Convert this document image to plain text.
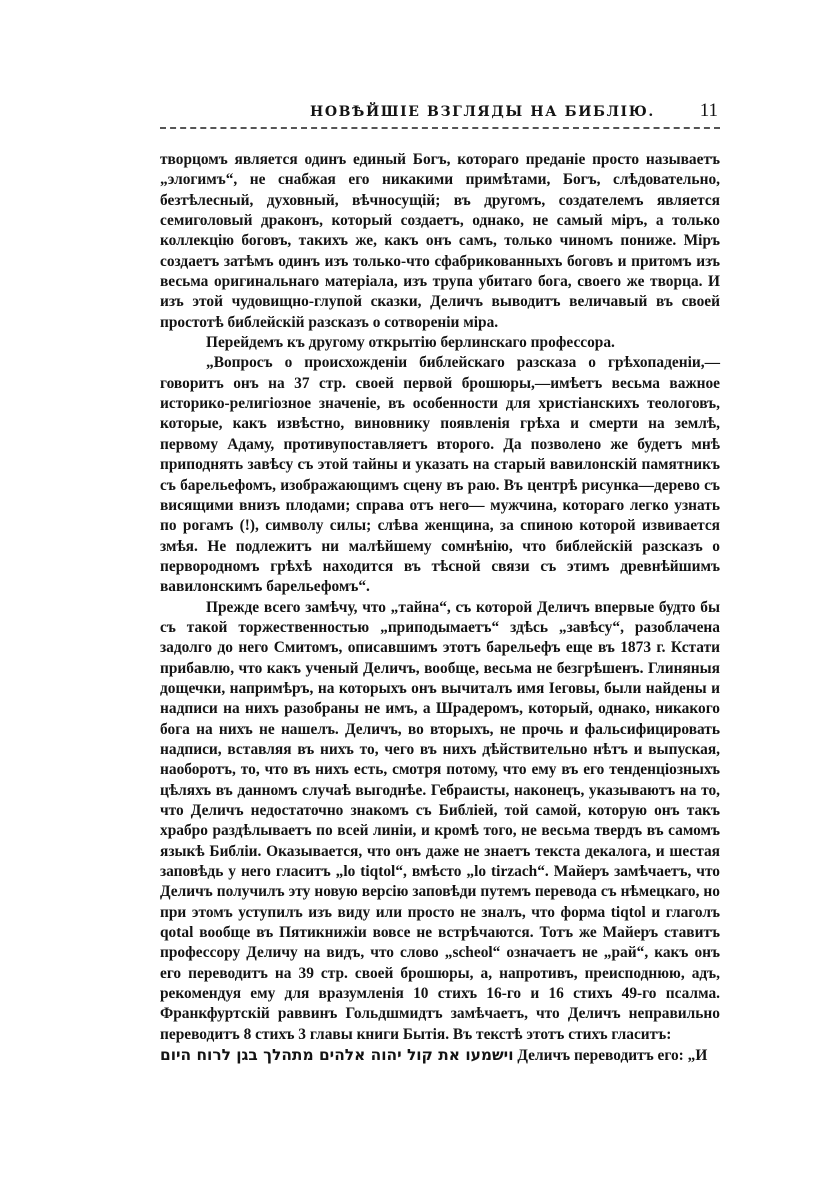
НОВѢЙШІЕ ВЗГЛЯДЫ НА БИБЛІЮ. 11

творцомъ является одинъ единый Богъ, котораго преданіе просто называетъ „элогимъ“, не снабжая его никакими примѣтами, Богъ, слѣдовательно, безтѣлесный, духовный, вѣчносущій; въ другомъ, создателемъ является семиголовый драконъ, который создаетъ, однако, не самый міръ, а только коллекцію боговъ, такихъ же, какъ онъ самъ, только чиномъ пониже. Міръ создаетъ затѣмъ одинъ изъ только-что сфабрикованныхъ боговъ и притомъ изъ весьма оригинальнаго матеріала, изъ трупа убитаго бога, своего же творца. И изъ этой чудовищно-глупой сказки, Деличъ выводитъ величавый въ своей простотѣ библейскій разсказъ о сотвореніи міра.

Перейдемъ къ другому открытію берлинскаго профессора.

„Вопросъ о происхожденіи библейскаго разсказа о грѣхопаденіи,— говоритъ онъ на 37 стр. своей первой брошюры,—имѣетъ весьма важное историко-религіозное значеніе, въ особенности для христіанскихъ теологовъ, которые, какъ извѣстно, виновнику появленія грѣха и смерти на землѣ, первому Адаму, противупоставляетъ второго. Да позволено же будетъ мнѣ приподнять завѣсу съ этой тайны и указать на старый вавилонскій памятникъ съ барельефомъ, изображающимъ сцену въ раю. Въ центрѣ рисунка—дерево съ висящими внизъ плодами; справа отъ него— мужчина, котораго легко узнать по рогамъ (!), символу силы; слѣва женщина, за спиною которой извивается змѣя. Не подлежитъ ни малѣйшему сомнѣнію, что библейскій разсказъ о первородномъ грѣхѣ находится въ тѣсной связи съ этимъ древнѣйшимъ вавилонскимъ барельефомъ“.

Прежде всего замѣчу, что „тайна“, съ которой Деличъ впервые будто бы съ такой торжественностью „приподымаетъ“ здѣсь „завѣсу“, разоблачена задолго до него Смитомъ, описавшимъ этотъ барельефъ еще въ 1873 г. Кстати прибавлю, что какъ ученый Деличъ, вообще, весьма не безгрѣшенъ. Глиняныя дощечки, напримѣръ, на которыхъ онъ вычиталъ имя Іеговы, были найдены и надписи на нихъ разобраны не имъ, а Шрадеромъ, который, однако, никакого бога на нихъ не нашелъ. Деличъ, во вторыхъ, не прочь и фальсифицировать надписи, вставляя въ нихъ то, чего въ нихъ дѣйствительно нѣтъ и выпуская, наоборотъ, то, что въ нихъ есть, смотря потому, что ему въ его тенденціозныхъ цѣляхъ въ данномъ случаѣ выгоднѣе. Гебраисты, наконецъ, указываютъ на то, что Деличъ недостаточно знакомъ съ Библіей, той самой, которую онъ такъ храбро раздѣлываетъ по всей линіи, и кромѣ того, не весьма твердъ въ самомъ языкѣ Библіи. Оказывается, что онъ даже не знаетъ текста декалога, и шестая заповѣдь у него гласитъ „lo tiqtol“, вмѣсто „lo tirzach“. Майеръ замѣчаетъ, что Деличъ получилъ эту новую версію заповѣди путемъ перевода съ нѣмецкаго, но при этомъ уступилъ изъ виду или просто не зналъ, что форма tiqtol и глаголъ qotal вообще въ Пятикнижіи вовсе не встрѣчаются. Тотъ же Майеръ ставитъ профессору Деличу на видъ, что слово „scheol“ означаетъ не „рай“, какъ онъ его переводитъ на 39 стр. своей брошюры, а, напротивъ, преисподнюю, адъ, рекомендуя ему для вразумленія 10 стихъ 16-го и 16 стихъ 49-го псалма. Франкфуртскій раввинъ Гольдшмидтъ замѣчаетъ, что Деличъ неправильно переводитъ 8 стихъ 3 главы книги Бытія. Въ текстѣ этотъ стихъ гласитъ:

וישמעו את קול יהוה אלהים מתהלך בגן לרוח היום Деличъ переводитъ его: „И
